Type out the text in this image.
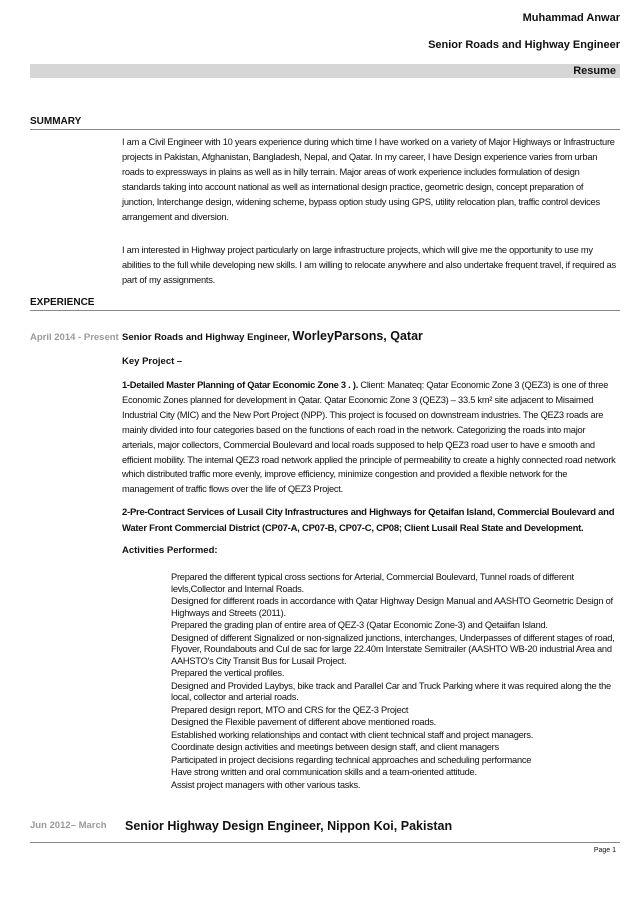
Muhammad Anwar
Senior Roads and Highway Engineer
Resume
SUMMARY
I am a Civil Engineer with 10 years experience during which time I have worked on a variety of Major Highways or Infrastructure projects in Pakistan, Afghanistan, Bangladesh, Nepal, and Qatar. In my career, I have Design experience varies from urban roads to expressways in plains as well as in hilly terrain. Major areas of work experience includes formulation of design standards taking into account national as well as international design practice, geometric design, concept preparation of junction, Interchange design, widening scheme, bypass option study using GPS, utility relocation plan, traffic control devices arrangement and diversion.
I am interested in Highway project particularly on large infrastructure projects, which will give me the opportunity to use my abilities to the full while developing new skills. I am willing to relocate anywhere and also undertake frequent travel, if required as part of my assignments.
EXPERIENCE
April 2014 - Present Senior Roads and Highway Engineer, WorleyParsons, Qatar
Key Project –
1-Detailed Master Planning of Qatar Economic Zone 3 . ). Client: Manateq: Qatar Economic Zone 3 (QEZ3) is one of three Economic Zones planned for development in Qatar. Qatar Economic Zone 3 (QEZ3) – 33.5 km² site adjacent to Misaimed Industrial City (MIC) and the New Port Project (NPP). This project is focused on downstream industries. The QEZ3 roads are mainly divided into four categories based on the functions of each road in the network. Categorizing the roads into major arterials, major collectors, Commercial Boulevard and local roads supposed to help QEZ3 road user to have e smooth and efficient mobility. The internal QEZ3 road network applied the principle of permeability to create a highly connected road network which distributed traffic more evenly, improve efficiency, minimize congestion and provided a flexible network for the management of traffic flows over the life of QEZ3 Project.
2-Pre-Contract Services of Lusail City Infrastructures and Highways for Qetaifan Island, Commercial Boulevard and Water Front Commercial District (CP07-A, CP07-B, CP07-C, CP08; Client Lusail Real State and Development.
Activities Performed:
Prepared the different typical cross sections for Arterial, Commercial Boulevard, Tunnel roads of different levls,Collector and Internal Roads.
Designed for different roads in accordance with Qatar Highway Design Manual and AASHTO Geometric Design of Highways and Streets (2011).
Prepared the grading plan of entire area of QEZ-3 (Qatar Economic Zone-3) and Qetaiifan Island.
Designed of different Signalized or non-signalized junctions, interchanges, Underpasses of different stages of road, Flyover, Roundabouts and Cul de sac for large 22.40m Interstate Semitrailer (AASHTO WB-20 industrial Area and AAHSTO's City Transit Bus for Lusail Project.
Prepared the vertical profiles.
Designed and Provided Laybys, bike track and Parallel Car and Truck Parking where it was required along the the local, collector and arterial roads.
Prepared design report, MTO and CRS for the QEZ-3 Project
Designed the Flexible pavement of different above mentioned roads.
Established working relationships and contact with client technical staff and project managers.
Coordinate design activities and meetings between design staff, and client managers
Participated in project decisions regarding technical approaches and scheduling performance
Have strong written and oral communication skills and a team-oriented attitude.
Assist project managers with other various tasks.
Jun 2012– March Senior Highway Design Engineer, Nippon Koi, Pakistan
Page 1
